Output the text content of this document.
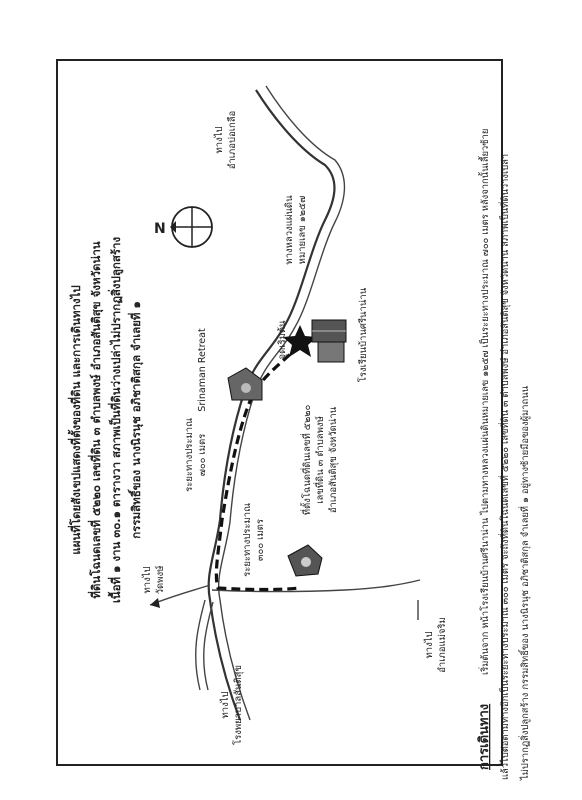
N
แผนที่โดยสังเขปแสดงที่ตั้งของที่ดิน และการเดินทางไป ที่ดินโฉนดเลขที่ ๕๒๒๐ เลขที่ดิน ๓ ตำบลพงษ์ อำเภอสันติสุข จังหวัดน่าน เนื้อที่ ๑ งาน ๓๐.๑ ตารางวา สภาพเป็นที่ดินว่างเปล่าไม่ปรากฏสิ่งปลูกสร้าง กรรมสิทธิ์ของ นางนิรนุช อภิชาติสกุล จำเลยที่ ๑
ทางไป อำเภอบ่อเกลือ
ทางหลวงแผ่นดิน หมายเลข ๑๒๕๗
Srinaman Retreat	จุดเริ่มต้น	โรงเรียนบ้านศรีนาน่าน
ระยะทางประมาณ ๗๐๐ เมตร
ระยะทางประมาณ ๓๐๐ เมตร
ที่ตั้งโฉนดที่ดินเลขที่ ๕๒๒๐ เลขที่ดิน ๓ ตำบลพงษ์ อำเภอสันติสุข จังหวัดน่าน
ทางไป วัดพงษ์
ทางไป โรงพยาบาลสันติสุข
ทางไป อำเภอแม่จริม
การเดินทาง
เริ่มต้นจาก หน้าโรงเรียนบ้านศรีนาน่าน ไปตามทางหลวงแผ่นดินหมายเลข ๑๒๕๗ เป็นระยะทางประมาณ ๗๐๐ เมตร หลังจากนั้นเลี้ยวซ้าย แล้วไปต่อตามทางอีกเป็นระยะทางประมาณ ๓๐๐ เมตร จะถึงที่ดินโฉนดเลขที่ ๕๒๒๐ เลขที่ดิน ๓ ตำบลพงษ์ อำเภอสันติสุข จังหวัดน่าน สภาพเป็นที่ดินว่างเปล่า ไม่ปรากฏสิ่งปลูกสร้าง กรรมสิทธิ์ของ นางนิรนุช อภิชาติสกุล จำเลยที่ ๑ อยู่ทางซ้ายมือของผู้มาถนน
